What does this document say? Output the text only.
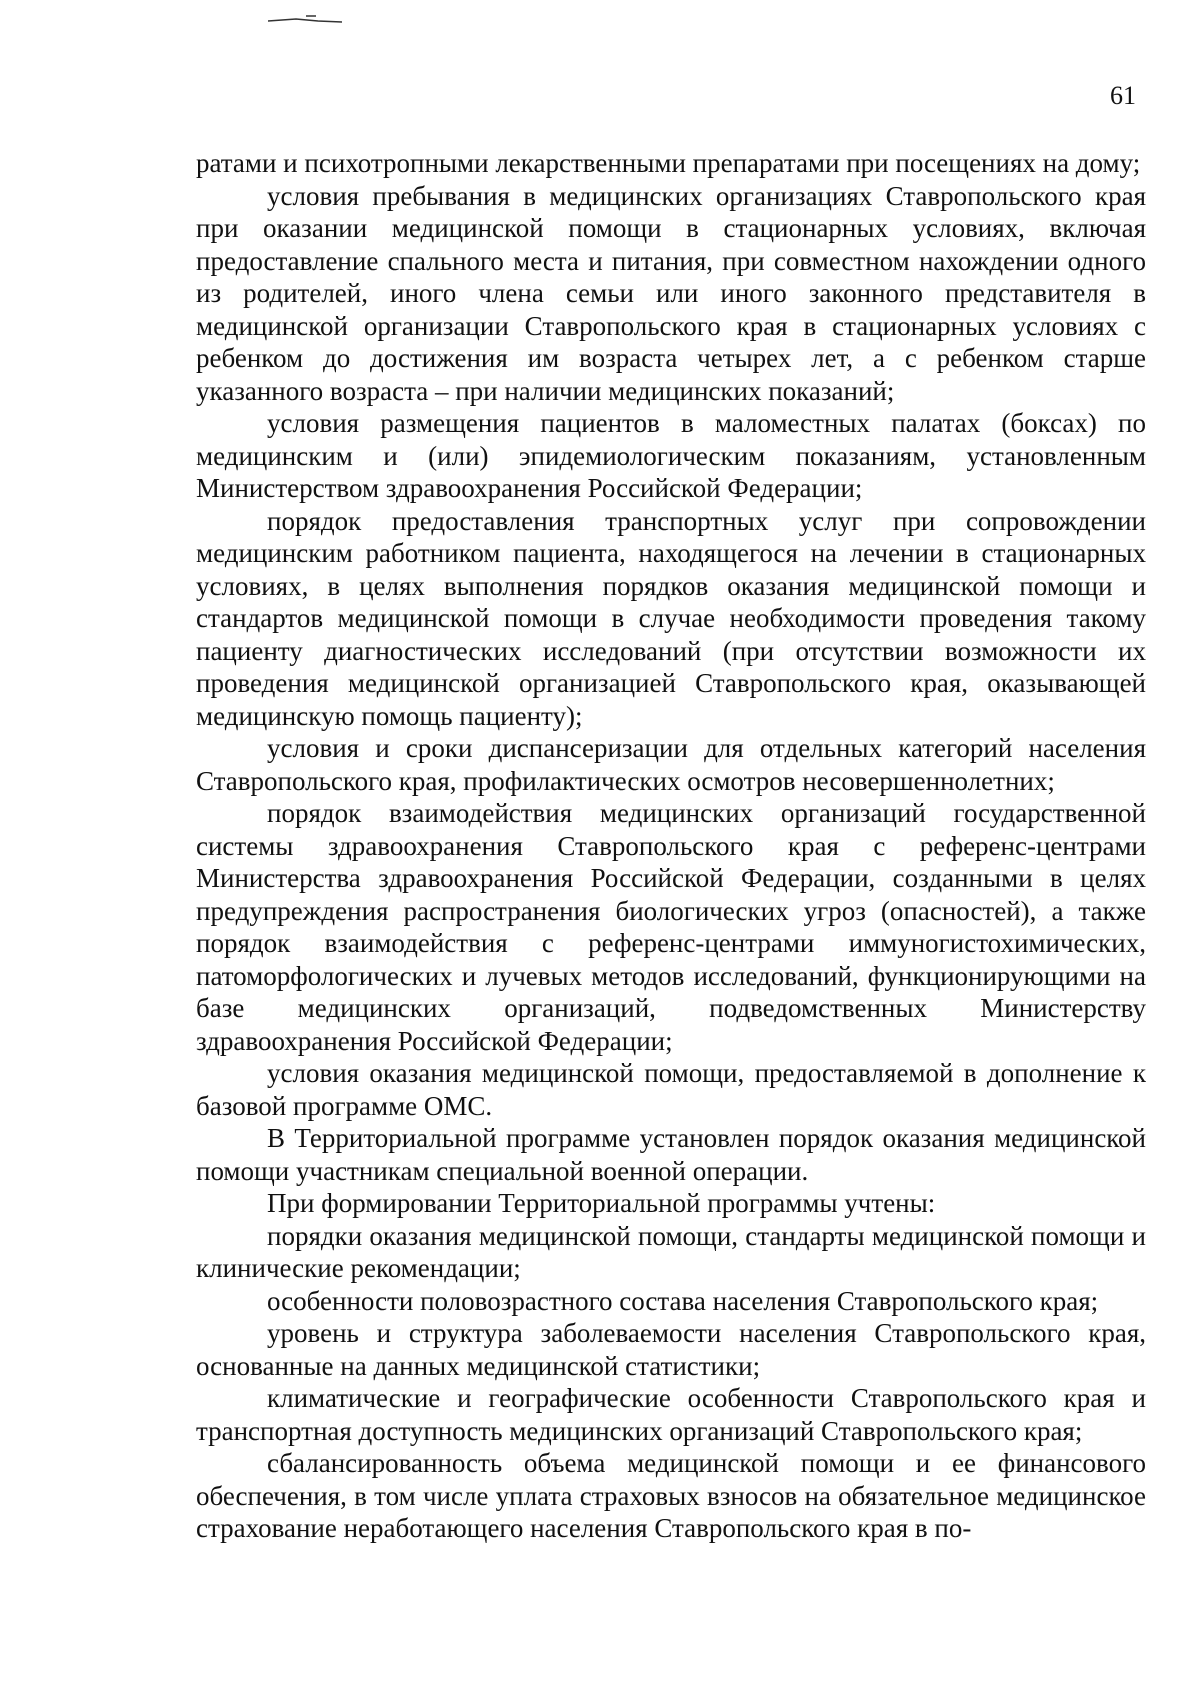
61

ратами и психотропными лекарственными препаратами при посещениях на дому;

условия пребывания в медицинских организациях Ставропольского края при оказании медицинской помощи в стационарных условиях, включая предоставление спального места и питания, при совместном нахождении одного из родителей, иного члена семьи или иного законного представителя в медицинской организации Ставропольского края в стационарных условиях с ребенком до достижения им возраста четырех лет, а с ребенком старше указанного возраста – при наличии медицинских показаний;

условия размещения пациентов в маломестных палатах (боксах) по медицинским и (или) эпидемиологическим показаниям, установленным Министерством здравоохранения Российской Федерации;

порядок предоставления транспортных услуг при сопровождении медицинским работником пациента, находящегося на лечении в стационарных условиях, в целях выполнения порядков оказания медицинской помощи и стандартов медицинской помощи в случае необходимости проведения такому пациенту диагностических исследований (при отсутствии возможности их проведения медицинской организацией Ставропольского края, оказывающей медицинскую помощь пациенту);

условия и сроки диспансеризации для отдельных категорий населения Ставропольского края, профилактических осмотров несовершеннолетних;

порядок взаимодействия медицинских организаций государственной системы здравоохранения Ставропольского края с референс-центрами Министерства здравоохранения Российской Федерации, созданными в целях предупреждения распространения биологических угроз (опасностей), а также порядок взаимодействия с референс-центрами иммуногистохимических, патоморфологических и лучевых методов исследований, функционирующими на базе медицинских организаций, подведомственных Министерству здравоохранения Российской Федерации;

условия оказания медицинской помощи, предоставляемой в дополнение к базовой программе ОМС.

В Территориальной программе установлен порядок оказания медицинской помощи участникам специальной военной операции.

При формировании Территориальной программы учтены:

порядки оказания медицинской помощи, стандарты медицинской помощи и клинические рекомендации;

особенности половозрастного состава населения Ставропольского края;

уровень и структура заболеваемости населения Ставропольского края, основанные на данных медицинской статистики;

климатические и географические особенности Ставропольского края и транспортная доступность медицинских организаций Ставропольского края;

сбалансированность объема медицинской помощи и ее финансового обеспечения, в том числе уплата страховых взносов на обязательное медицинское страхование неработающего населения Ставропольского края в по-
